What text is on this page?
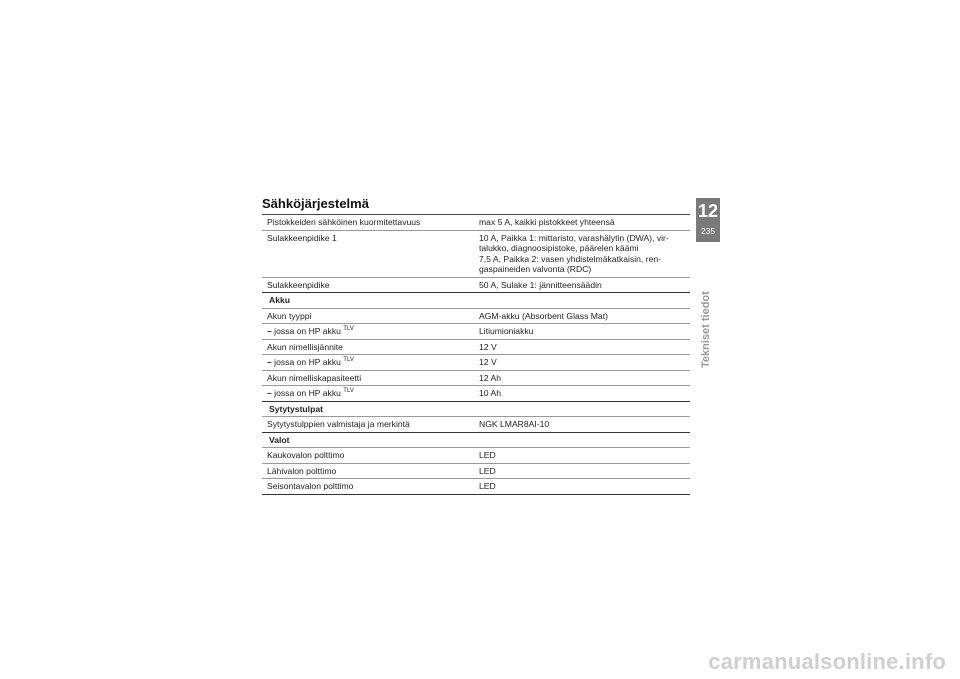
Sähköjärjestelmä
Pistokkeiden sähköinen kuormitettavuus	max 5 A, kaikki pistokkeet yhteensä
Sulakkeenpidike 1	10 A, Paikka 1: mittaristo, varashälytin (DWA), vir-
talukko, diagnoosipistoke, päärelen käämi
7,5 A, Paikka 2: vasen yhdistelmäkatkaisin, ren-
gaspaineiden valvonta (RDC)
Sulakkeenpidike	50 A, Sulake 1: jännitteensäädin
Akku
Akun tyyppi	AGM-akku (Absorbent Glass Mat)
– jossa on HP akku $^{TLV}$	Litiumioniakku
Akun nimellisjännite	12 V
– jossa on HP akku $^{TLV}$	12 V
Akun nimelliskapasiteetti	12 Ah
– jossa on HP akku $^{TLV}$	10 Ah
Sytytystulpat
Sytytystulppien valmistaja ja merkintä	NGK LMAR8AI-10
Valot
Kaukovalon polttimo	LED
Lähivalon polttimo	LED
Seisontavalon polttimo	LED
12
235
Tekniset tiedot
carmanualsonline.info
